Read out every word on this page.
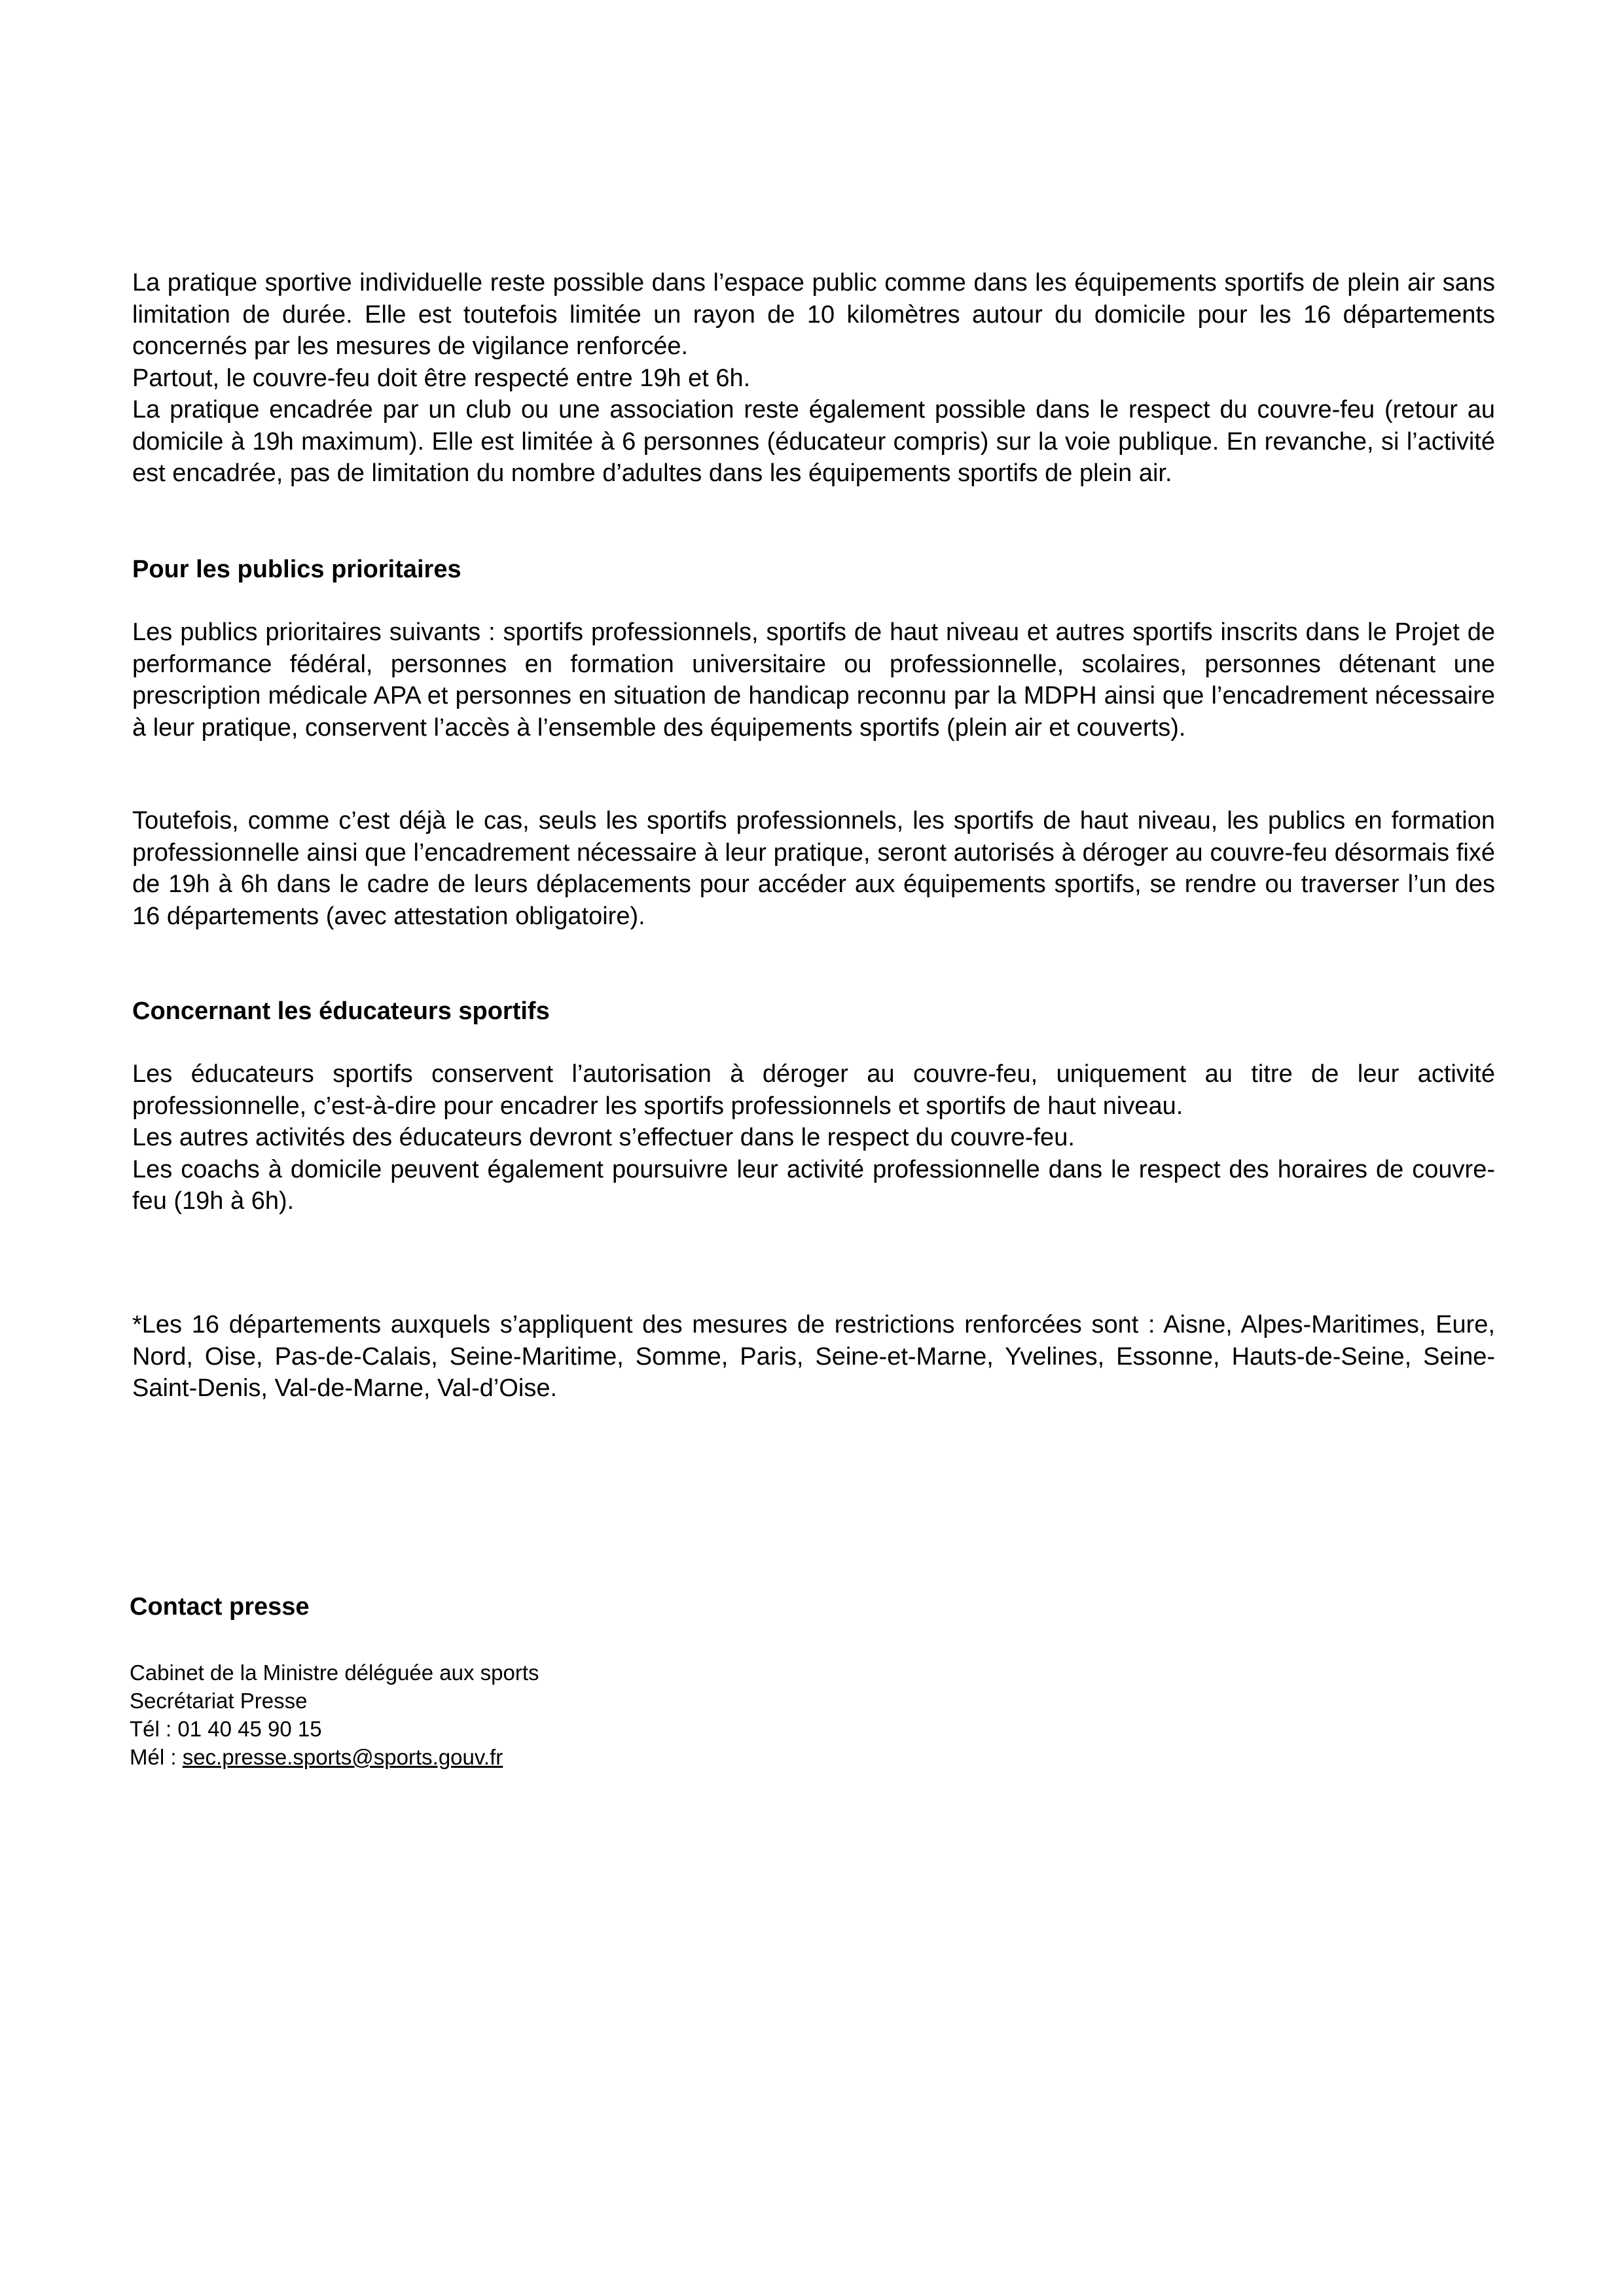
La pratique sportive individuelle reste possible dans l’espace public comme dans les équipements sportifs de plein air sans limitation de durée. Elle est toutefois limitée un rayon de 10 kilomètres autour du domicile pour les 16 départements concernés par les mesures de vigilance renforcée.

Partout, le couvre-feu doit être respecté entre 19h et 6h.

La pratique encadrée par un club ou une association reste également possible dans le respect du couvre-feu (retour au domicile à 19h maximum). Elle est limitée à 6 personnes (éducateur compris) sur la voie publique. En revanche, si l’activité est encadrée, pas de limitation du nombre d’adultes dans les équipements sportifs de plein air.

Pour les publics prioritaires

Les publics prioritaires suivants : sportifs professionnels, sportifs de haut niveau et autres sportifs inscrits dans le Projet de performance fédéral, personnes en formation universitaire ou professionnelle, scolaires, personnes détenant une prescription médicale APA et personnes en situation de handicap reconnu par la MDPH ainsi que l’encadrement nécessaire à leur pratique, conservent l’accès à l’ensemble des équipements sportifs (plein air et couverts).

Toutefois, comme c’est déjà le cas, seuls les sportifs professionnels, les sportifs de haut niveau, les publics en formation professionnelle ainsi que l’encadrement nécessaire à leur pratique, seront autorisés à déroger au couvre-feu désormais fixé de 19h à 6h dans le cadre de leurs déplacements pour accéder aux équipements sportifs, se rendre ou traverser l’un des 16 départements (avec attestation obligatoire).

Concernant les éducateurs sportifs

Les éducateurs sportifs conservent l’autorisation à déroger au couvre-feu, uniquement au titre de leur activité professionnelle, c’est-à-dire pour encadrer les sportifs professionnels et sportifs de haut niveau.

Les autres activités des éducateurs devront s’effectuer dans le respect du couvre-feu.

Les coachs à domicile peuvent également poursuivre leur activité professionnelle dans le respect des horaires de couvre-feu (19h à 6h).

*Les 16 départements auxquels s’appliquent des mesures de restrictions renforcées sont : Aisne, Alpes-Maritimes, Eure, Nord, Oise, Pas-de-Calais, Seine-Maritime, Somme, Paris, Seine-et-Marne, Yvelines, Essonne, Hauts-de-Seine, Seine-Saint-Denis, Val-de-Marne, Val-d’Oise.

Contact presse
Cabinet de la Ministre déléguée aux sports
Secrétariat Presse
Tél : 01 40 45 90 15
Mél : sec.presse.sports@sports.gouv.fr
